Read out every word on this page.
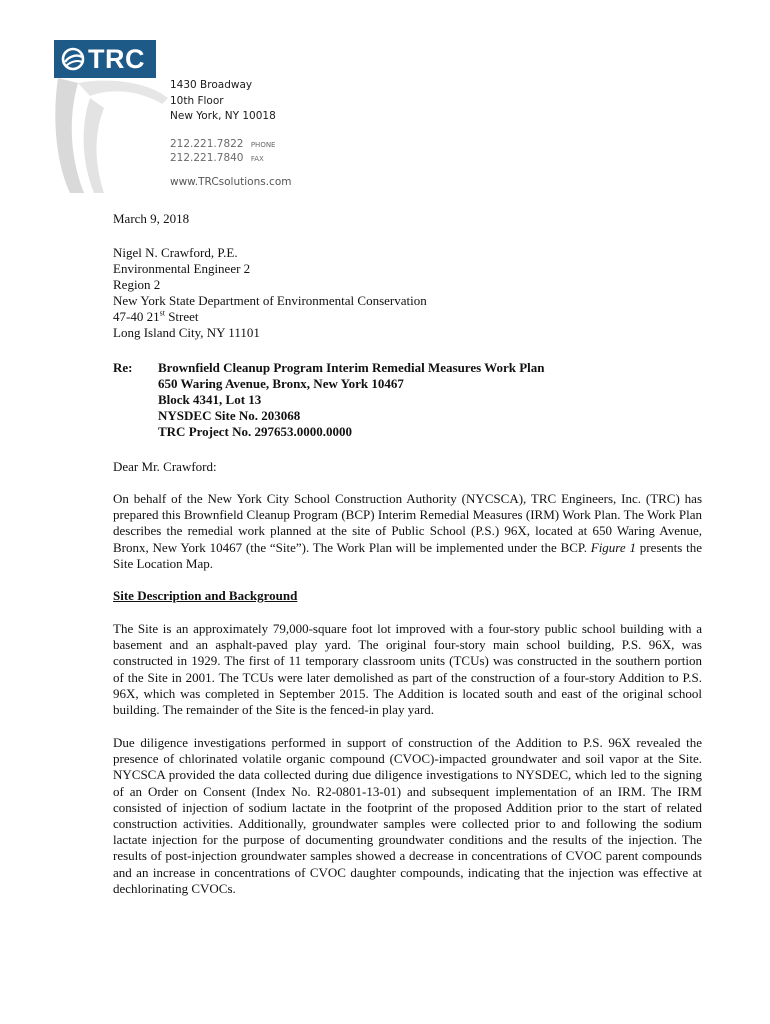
TRC
1430 Broadway
10th Floor
New York, NY 10018
212.221.7822 PHONE
212.221.7840 FAX
www.TRCsolutions.com
March 9, 2018
Nigel N. Crawford, P.E.
Environmental Engineer 2
Region 2
New York State Department of Environmental Conservation
47-40 21st Street
Long Island City, NY 11101
Re: Brownfield Cleanup Program Interim Remedial Measures Work Plan
650 Waring Avenue, Bronx, New York 10467
Block 4341, Lot 13
NYSDEC Site No. 203068
TRC Project No. 297653.0000.0000
Dear Mr. Crawford:

On behalf of the New York City School Construction Authority (NYCSCA), TRC Engineers, Inc. (TRC) has prepared this Brownfield Cleanup Program (BCP) Interim Remedial Measures (IRM) Work Plan. The Work Plan describes the remedial work planned at the site of Public School (P.S.) 96X, located at 650 Waring Avenue, Bronx, New York 10467 (the “Site”). The Work Plan will be implemented under the BCP. Figure 1 presents the Site Location Map.

Site Description and Background

The Site is an approximately 79,000-square foot lot improved with a four-story public school building with a basement and an asphalt-paved play yard. The original four-story main school building, P.S. 96X, was constructed in 1929. The first of 11 temporary classroom units (TCUs) was constructed in the southern portion of the Site in 2001. The TCUs were later demolished as part of the construction of a four-story Addition to P.S. 96X, which was completed in September 2015. The Addition is located south and east of the original school building. The remainder of the Site is the fenced-in play yard.

Due diligence investigations performed in support of construction of the Addition to P.S. 96X revealed the presence of chlorinated volatile organic compound (CVOC)-impacted groundwater and soil vapor at the Site. NYCSCA provided the data collected during due diligence investigations to NYSDEC, which led to the signing of an Order on Consent (Index No. R2-0801-13-01) and subsequent implementation of an IRM. The IRM consisted of injection of sodium lactate in the footprint of the proposed Addition prior to the start of related construction activities. Additionally, groundwater samples were collected prior to and following the sodium lactate injection for the purpose of documenting groundwater conditions and the results of the injection. The results of post-injection groundwater samples showed a decrease in concentrations of CVOC parent compounds and an increase in concentrations of CVOC daughter compounds, indicating that the injection was effective at dechlorinating CVOCs.
